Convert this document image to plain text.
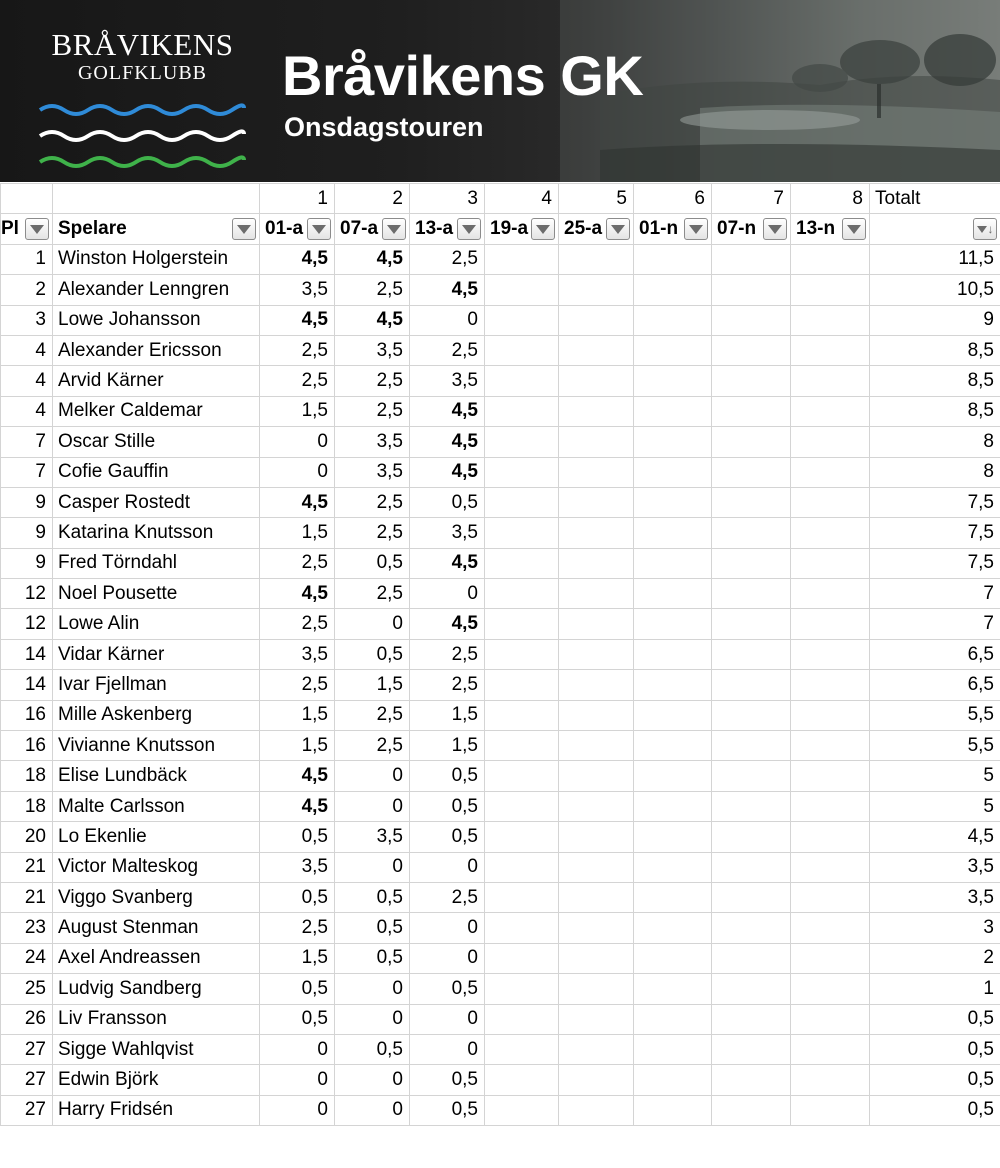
BRÅVIKENS
GOLFKLUBB	Bråvikens GK
Onsdagstouren
		1	2	3	4	5	6	7	8	Totalt

Pl	Spelare	01-a	07-a	13-a	19-a	25-a	01-n	07-n	13-n	↓

1	Winston Holgerstein	4,5	4,5	2,5						11,5
2	Alexander Lenngren	3,5	2,5	4,5						10,5
3	Lowe Johansson	4,5	4,5	0						9
4	Alexander Ericsson	2,5	3,5	2,5						8,5
4	Arvid Kärner	2,5	2,5	3,5						8,5
4	Melker Caldemar	1,5	2,5	4,5						8,5
7	Oscar Stille	0	3,5	4,5						8
7	Cofie Gauffin	0	3,5	4,5						8
9	Casper Rostedt	4,5	2,5	0,5						7,5
9	Katarina Knutsson	1,5	2,5	3,5						7,5
9	Fred Törndahl	2,5	0,5	4,5						7,5
12	Noel Pousette	4,5	2,5	0						7
12	Lowe Alin	2,5	0	4,5						7
14	Vidar Kärner	3,5	0,5	2,5						6,5
14	Ivar Fjellman	2,5	1,5	2,5						6,5
16	Mille Askenberg	1,5	2,5	1,5						5,5
16	Vivianne Knutsson	1,5	2,5	1,5						5,5
18	Elise Lundbäck	4,5	0	0,5						5
18	Malte Carlsson	4,5	0	0,5						5
20	Lo Ekenlie	0,5	3,5	0,5						4,5
21	Victor Malteskog	3,5	0	0						3,5
21	Viggo Svanberg	0,5	0,5	2,5						3,5
23	August Stenman	2,5	0,5	0						3
24	Axel Andreassen	1,5	0,5	0						2
25	Ludvig Sandberg	0,5	0	0,5						1
26	Liv Fransson	0,5	0	0						0,5
27	Sigge Wahlqvist	0	0,5	0						0,5
27	Edwin Björk	0	0	0,5						0,5
27	Harry Fridsén	0	0	0,5						0,5
